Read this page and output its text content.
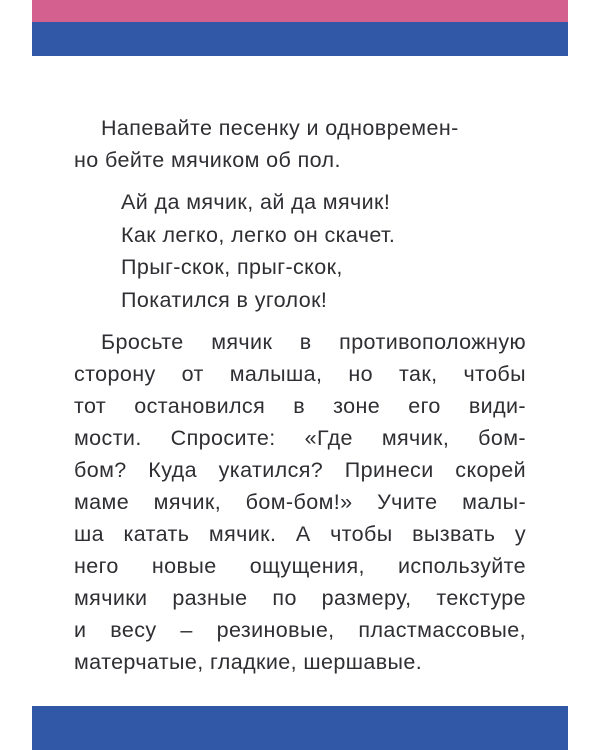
Напевайте песенку и одновремен-
но бейте мячиком об пол.
Ай да мячик, ай да мячик!
Как легко, легко он скачет.
Прыг-скок, прыг-скок,
Покатился в уголок!
Бросьте мячик в противоположную
сторону от малыша, но так, чтобы
тот остановился в зоне его види-
мости. Спросите: «Где мячик, бом-
бом? Куда укатился? Принеси скорей
маме мячик, бом-бом!» Учите малы-
ша катать мячик. А чтобы вызвать у
него новые ощущения, используйте
мячики разные по размеру, текстуре
и весу – резиновые, пластмассовые,
матерчатые, гладкие, шершавые.
